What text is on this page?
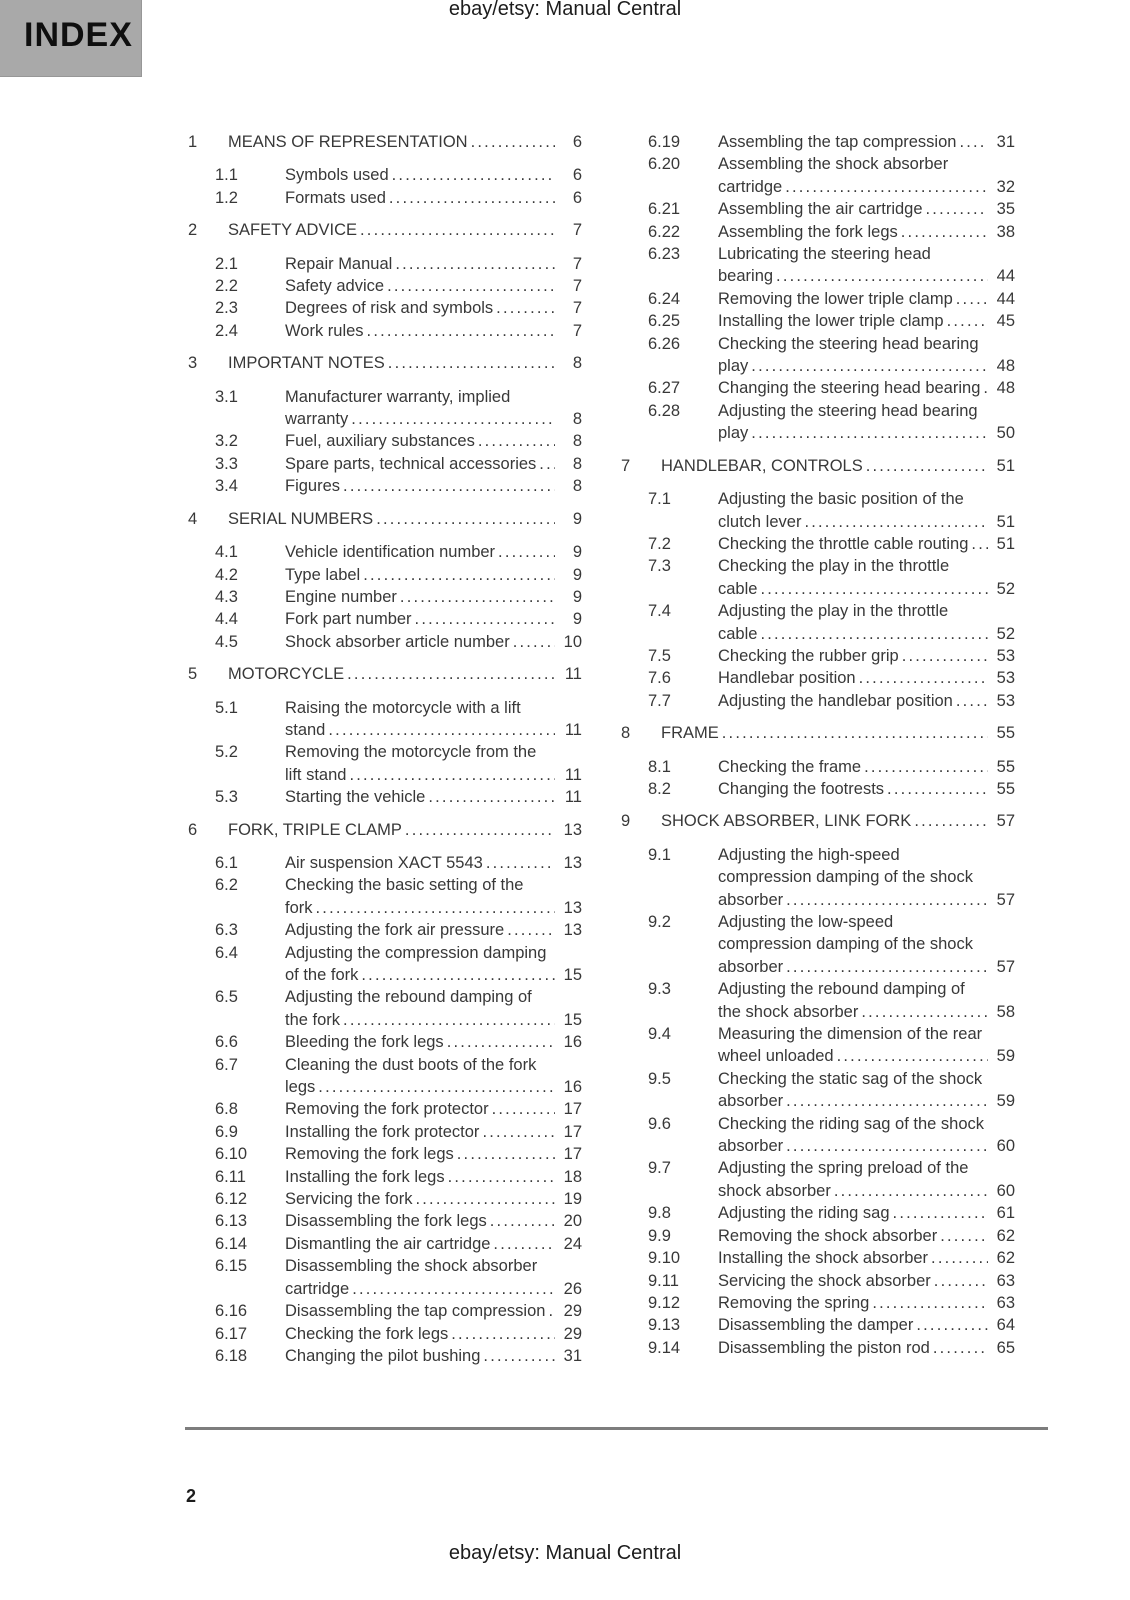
INDEX
ebay/etsy: Manual Central
1	MEANS OF REPRESENTATION .....	6
1.1	Symbols used .....	6
1.2	Formats used .....	6
2	SAFETY ADVICE .....	7
2.1	Repair Manual .....	7
2.2	Safety advice .....	7
2.3	Degrees of risk and symbols .....	7
2.4	Work rules .....	7
3	IMPORTANT NOTES .....	8
3.1	Manufacturer warranty, implied
warranty .....	8
3.2	Fuel, auxiliary substances .....	8
3.3	Spare parts, technical accessories .....	8
3.4	Figures .....	8
4	SERIAL NUMBERS .....	9
4.1	Vehicle identification number .....	9
4.2	Type label .....	9
4.3	Engine number .....	9
4.4	Fork part number .....	9
4.5	Shock absorber article number .....	10
5	MOTORCYCLE .....	11
5.1	Raising the motorcycle with a lift
stand .....	11
5.2	Removing the motorcycle from the
lift stand .....	11
5.3	Starting the vehicle .....	11
6	FORK, TRIPLE CLAMP .....	13
6.1	Air suspension XACT 5543 .....	13
6.2	Checking the basic setting of the
fork .....	13
6.3	Adjusting the fork air pressure .....	13
6.4	Adjusting the compression damping
of the fork .....	15
6.5	Adjusting the rebound damping of
the fork .....	15
6.6	Bleeding the fork legs .....	16
6.7	Cleaning the dust boots of the fork
legs .....	16
6.8	Removing the fork protector .....	17
6.9	Installing the fork protector .....	17
6.10	Removing the fork legs .....	17
6.11	Installing the fork legs .....	18
6.12	Servicing the fork .....	19
6.13	Disassembling the fork legs .....	20
6.14	Dismantling the air cartridge .....	24
6.15	Disassembling the shock absorber
cartridge .....	26
6.16	Disassembling the tap compression ..... 29
6.17	Checking the fork legs .....	29
6.18	Changing the pilot bushing .....	31
6.19	Assembling the tap compression ..... 31
6.20	Assembling the shock absorber
cartridge .....	32
6.21	Assembling the air cartridge .....	35
6.22	Assembling the fork legs .....	38
6.23	Lubricating the steering head
bearing .....	44
6.24	Removing the lower triple clamp .....	44
6.25	Installing the lower triple clamp .....	45
6.26	Checking the steering head bearing
play .....	48
6.27	Changing the steering head bearing ..... 48
6.28	Adjusting the steering head bearing
play .....	50
7	HANDLEBAR, CONTROLS .....	51
7.1	Adjusting the basic position of the
clutch lever .....	51
7.2	Checking the throttle cable routing ..... 51
7.3	Checking the play in the throttle
cable .....	52
7.4	Adjusting the play in the throttle
cable .....	52
7.5	Checking the rubber grip .....	53
7.6	Handlebar position .....	53
7.7	Adjusting the handlebar position .....	53
8	FRAME .....	55
8.1	Checking the frame .....	55
8.2	Changing the footrests .....	55
9	SHOCK ABSORBER, LINK FORK .....	57
9.1	Adjusting the high-speed
compression damping of the shock
absorber .....	57
9.2	Adjusting the low-speed
compression damping of the shock
absorber .....	57
9.3	Adjusting the rebound damping of
the shock absorber .....	58
9.4	Measuring the dimension of the rear
wheel unloaded .....	59
9.5	Checking the static sag of the shock
absorber .....	59
9.6	Checking the riding sag of the shock
absorber .....	60
9.7	Adjusting the spring preload of the
shock absorber .....	60
9.8	Adjusting the riding sag .....	61
9.9	Removing the shock absorber .....	62
9.10	Installing the shock absorber .....	62
9.11	Servicing the shock absorber .....	63
9.12	Removing the spring .....	63
9.13	Disassembling the damper .....	64
9.14	Disassembling the piston rod .....	65
2
ebay/etsy: Manual Central
